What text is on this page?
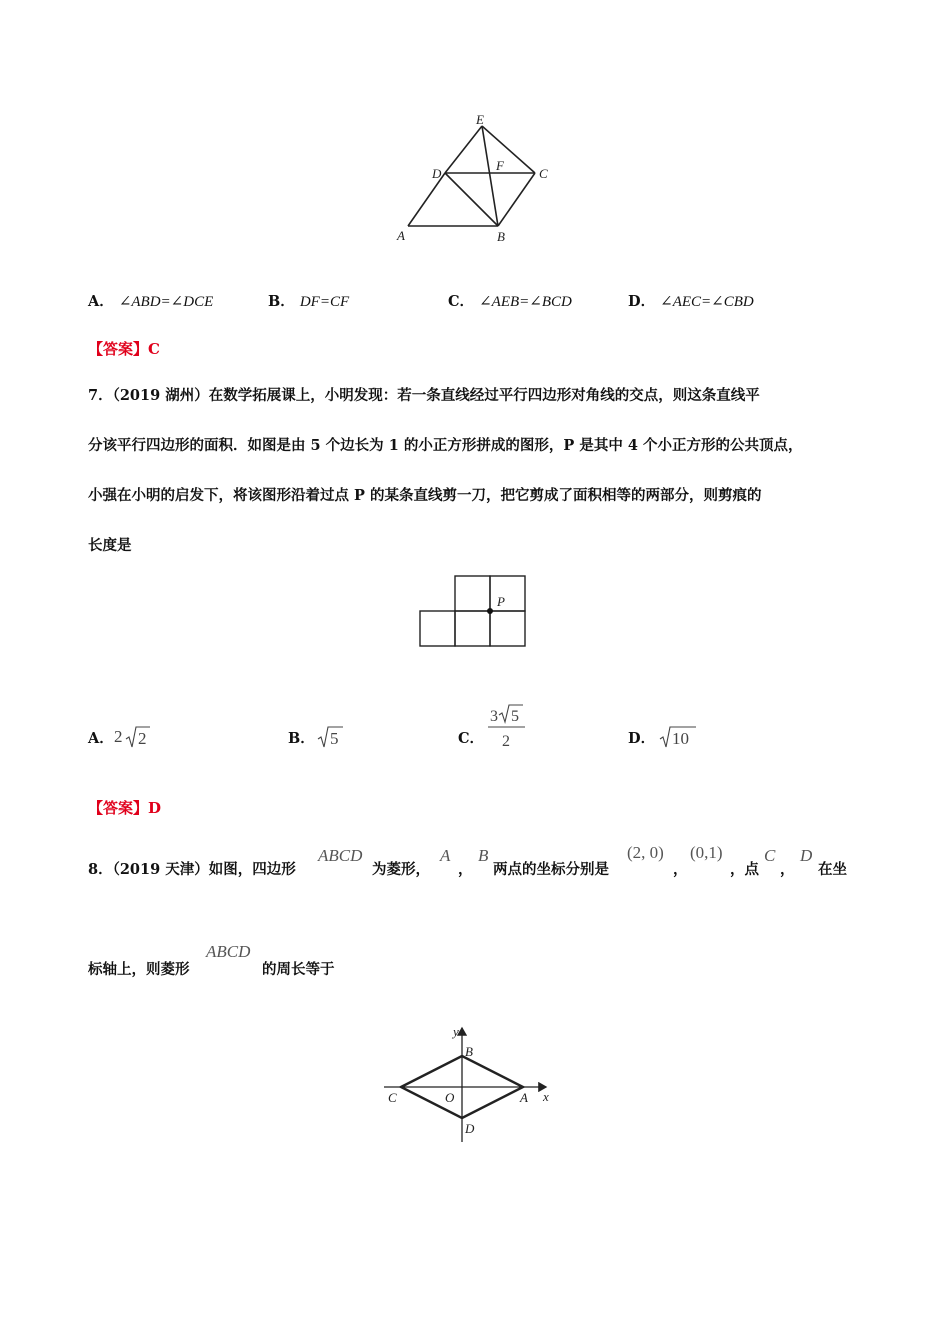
E
D
F
C
A	B
A． ∠ABD=∠DCE	B． DF=CF	C． ∠AEB=∠BCD	D． ∠AEC=∠CBD
【答案】C
7．（2019 湖州）在数学拓展课上，小明发现：若一条直线经过平行四边形对角线的交点，则这条直线平
分该平行四边形的面积．如图是由 5 个边长为 1 的小正方形拼成的图形，P 是其中 4 个小正方形的公共顶点，
小强在小明的启发下，将该图形沿着过点 P 的某条直线剪一刀，把它剪成了面积相等的两部分，则剪痕的
长度是
P
A． 2 2	B． 5	C．
3 5
2	D． 10
【答案】D
8．（2019 天津）如图，四边形
ABCD
为菱形，
A
，
B
两点的坐标分别是
(2, 0)
，
(0,1)
，点
C
，
D
在坐
标轴上，则菱形
ABCD
的周长等于
y
x
B
C	O	A
D
